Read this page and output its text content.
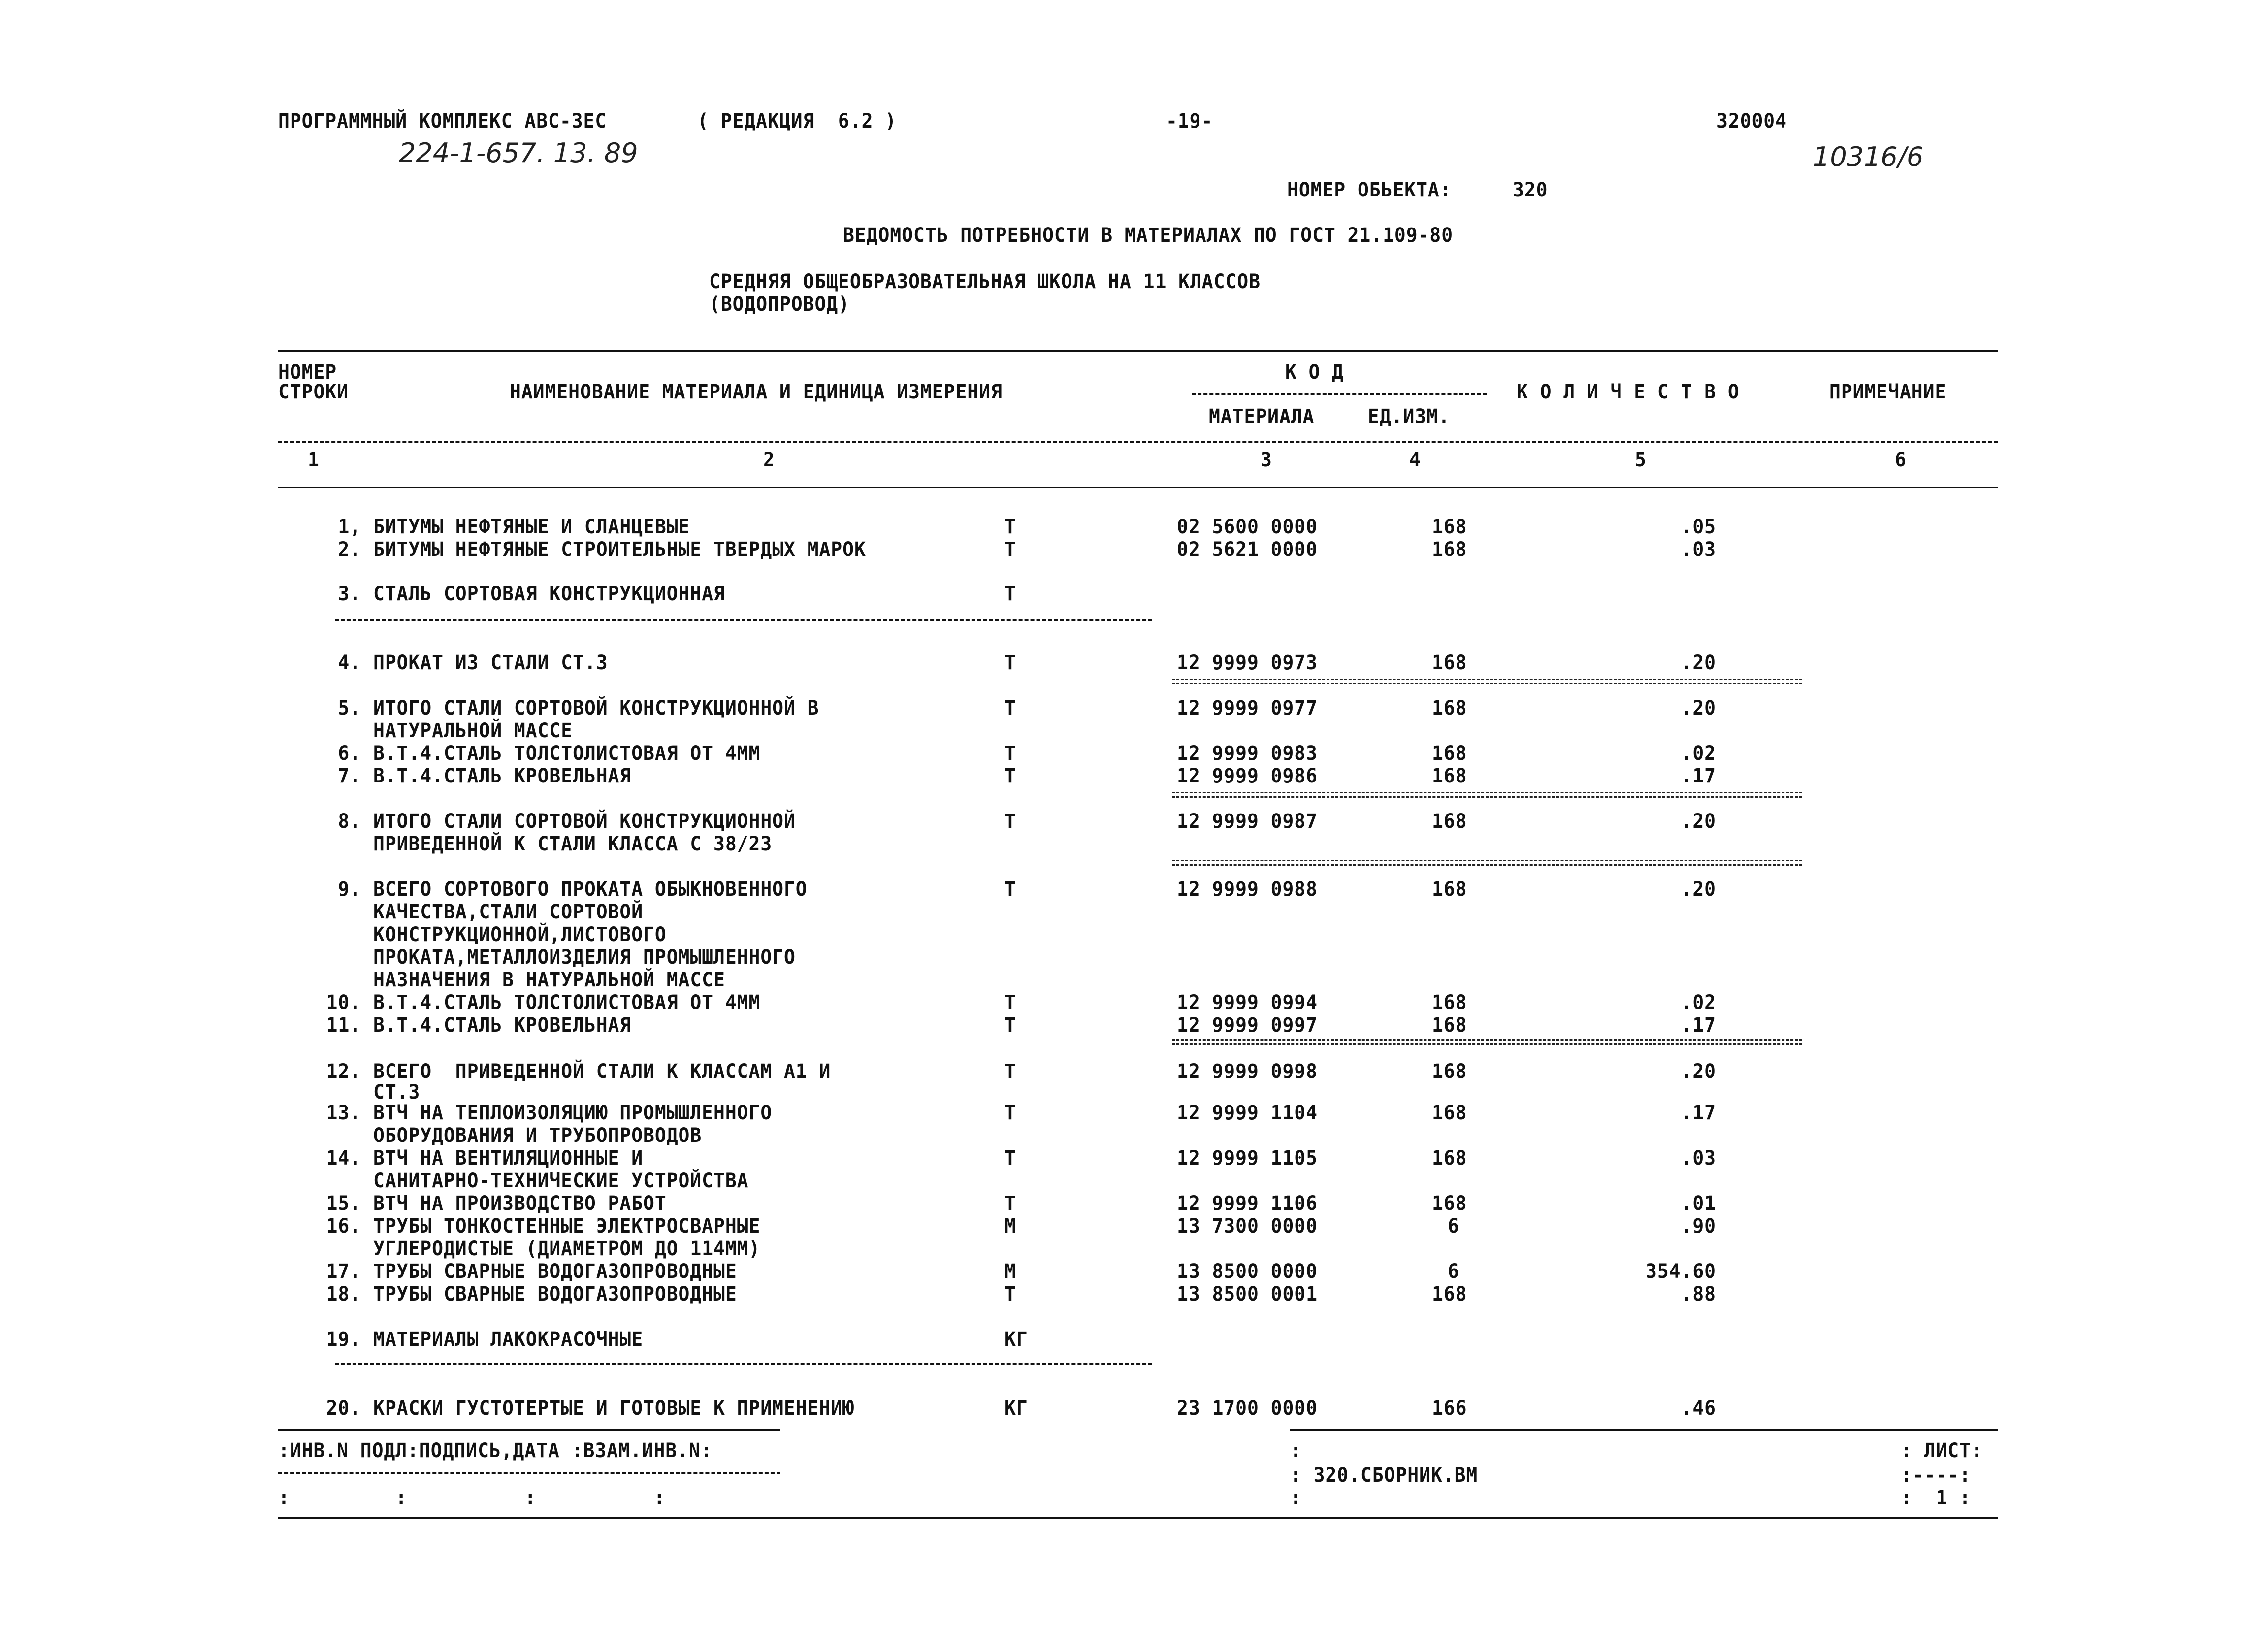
ПРОГРАММНЫЙ КОМПЛЕКС АВС-ЗЕС	( РЕДАКЦИЯ  6.2 )	-19-	320004
224-1-657. 13. 89	10316/6
НОМЕР ОБЬЕКТА:	320
ВЕДОМОСТЬ ПОТРЕБНОСТИ В МАТЕРИАЛАХ ПО ГОСТ 21.109-80
СРЕДНЯЯ ОБЩЕОБРАЗОВАТЕЛЬНАЯ ШКОЛА НА 11 КЛАССОВ
(ВОДОПРОВОД)
НОМЕР
СТРОКИ	НАИМЕНОВАНИЕ МАТЕРИАЛА И ЕДИНИЦА ИЗМЕРЕНИЯ
К О Д
МАТЕРИАЛА	ЕД.ИЗМ.
К О Л И Ч Е С Т В О	ПРИМЕЧАНИЕ
1	2	3	4	5	6
1, БИТУМЫ НЕФТЯНЫЕ И СЛАНЦЕВЫЕ	Т	02 5600 0000	168	.05
2. БИТУМЫ НЕФТЯНЫЕ СТРОИТЕЛЬНЫЕ ТВЕРДЫХ МАРОК	Т	02 5621 0000	168	.03
3. СТАЛЬ СОРТОВАЯ КОНСТРУКЦИОННАЯ	Т
4. ПРОКАТ ИЗ СТАЛИ СТ.3	Т	12 9999 0973	168	.20
5. ИТОГО СТАЛИ СОРТОВОЙ КОНСТРУКЦИОННОЙ В
НАТУРАЛЬНОЙ МАССЕ
Т	12 9999 0977	168	.20
6. В.Т.4.СТАЛЬ ТОЛСТОЛИСТОВАЯ ОТ 4ММ	Т	12 9999 0983	168	.02
7. В.Т.4.СТАЛЬ КРОВЕЛЬНАЯ	Т	12 9999 0986	168	.17
8. ИТОГО СТАЛИ СОРТОВОЙ КОНСТРУКЦИОННОЙ
ПРИВЕДЕННОЙ К СТАЛИ КЛАССА С 38/23
Т	12 9999 0987	168	.20
9. ВСЕГО СОРТОВОГО ПРОКАТА ОБЫКНОВЕННОГО
КАЧЕСТВА,СТАЛИ СОРТОВОЙ
КОНСТРУКЦИОННОЙ,ЛИСТОВОГО
ПРОКАТА,МЕТАЛЛОИЗДЕЛИЯ ПРОМЫШЛЕННОГО
НАЗНАЧЕНИЯ В НАТУРАЛЬНОЙ МАССЕ
Т	12 9999 0988	168	.20
10. В.Т.4.СТАЛЬ ТОЛСТОЛИСТОВАЯ ОТ 4ММ	Т	12 9999 0994	168	.02
11. В.Т.4.СТАЛЬ КРОВЕЛЬНАЯ	Т	12 9999 0997	168	.17
12. ВСЕГО  ПРИВЕДЕННОЙ СТАЛИ К КЛАССАМ А1 И
СТ.3
Т	12 9999 0998	168	.20
13. ВТЧ НА ТЕПЛОИЗОЛЯЦИЮ ПРОМЫШЛЕННОГО
ОБОРУДОВАНИЯ И ТРУБОПРОВОДОВ
Т	12 9999 1104	168	.17
14. ВТЧ НА ВЕНТИЛЯЦИОННЫЕ И
САНИТАРНО-ТЕХНИЧЕСКИЕ УСТРОЙСТВА
Т	12 9999 1105	168	.03
15. ВТЧ НА ПРОИЗВОДСТВО РАБОТ	Т	12 9999 1106	168	.01
16. ТРУБЫ ТОНКОСТЕННЫЕ ЭЛЕКТРОСВАРНЫЕ
УГЛЕРОДИСТЫЕ (ДИАМЕТРОМ ДО 114ММ)
М	13 7300 0000	6	.90
17. ТРУБЫ СВАРНЫЕ ВОДОГАЗОПРОВОДНЫЕ	М	13 8500 0000	6	354.60
18. ТРУБЫ СВАРНЫЕ ВОДОГАЗОПРОВОДНЫЕ	Т	13 8500 0001	168	.88
19. МАТЕРИАЛЫ ЛАКОКРАСОЧНЫЕ	КГ
20. КРАСКИ ГУСТОТЕРТЫЕ И ГОТОВЫЕ К ПРИМЕНЕНИЮ	КГ	23 1700 0000	166	.46
:ИНВ.N ПОДЛ:ПОДПИСЬ,ДАТА :ВЗАМ.ИНВ.N:
:         :          :          :
:
: 320.СБОРНИК.ВМ
:
: ЛИСТ:
:----:
:  1 :
